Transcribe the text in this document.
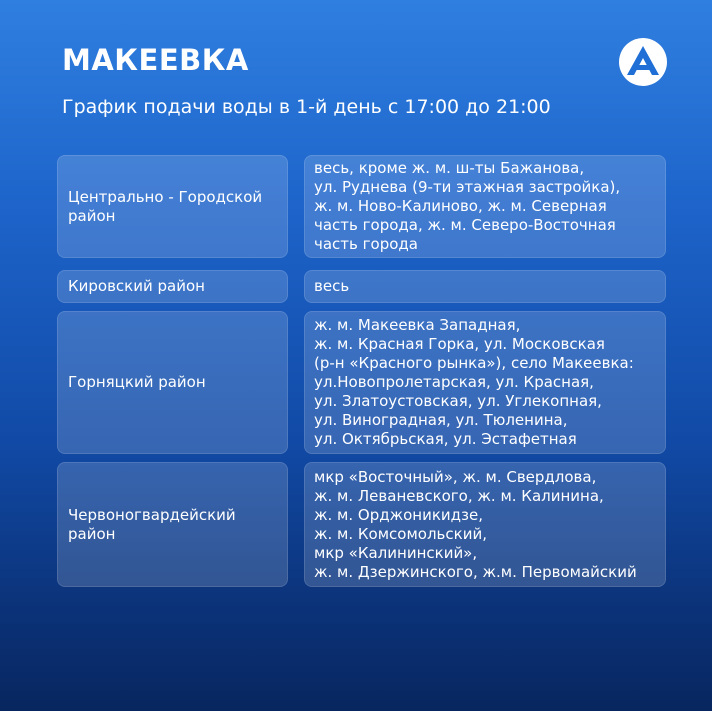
МАКЕЕВКА
График подачи воды в 1-й день с 17:00 до 21:00
Центрально - Городской
район
весь, кроме ж. м. ш-ты Бажанова,
ул. Руднева (9-ти этажная застройка),
ж. м. Ново-Калиново, ж. м. Северная
часть города, ж. м. Северо-Восточная
часть города
Кировский район	весь
Горняцкий район
ж. м. Макеевка Западная,
ж. м. Красная Горка, ул. Московская
(р-н «Красного рынка»), село Макеевка:
ул.Новопролетарская, ул. Красная,
ул. Златоустовская, ул. Углекопная,
ул. Виноградная, ул. Тюленина,
ул. Октябрьская, ул. Эстафетная
Червоногвардейский
район
мкр «Восточный», ж. м. Свердлова,
ж. м. Леваневского, ж. м. Калинина,
ж. м. Орджоникидзе,
ж. м. Комсомольский,
мкр «Калининский»,
ж. м. Дзержинского, ж.м. Первомайский
